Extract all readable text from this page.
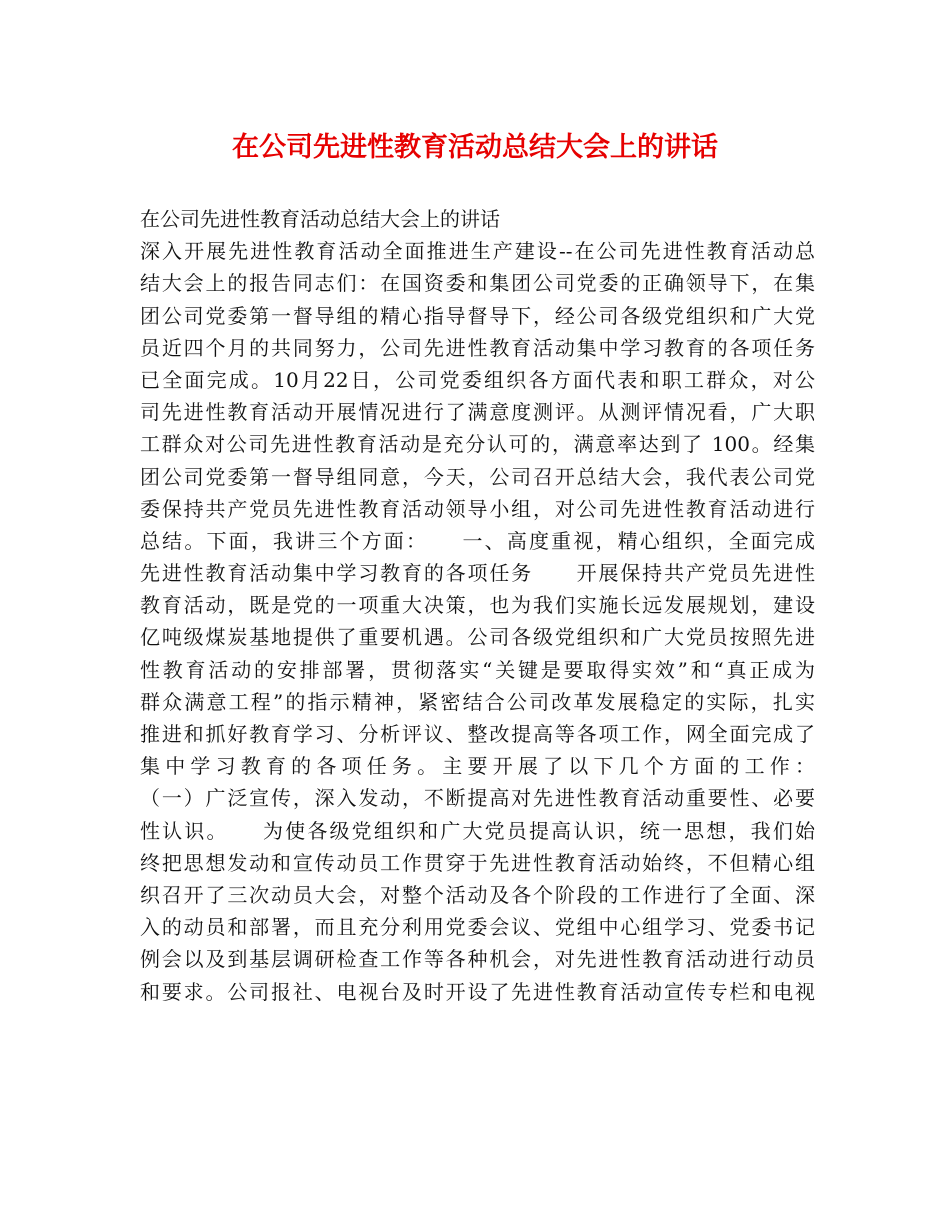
在公司先进性教育活动总结大会上的讲话
在公司先进性教育活动总结大会上的讲话
深入开展先进性教育活动全面推进生产建设--在公司先进性教育活动总
结大会上的报告同志们：在国资委和集团公司党委的正确领导下，在集
团公司党委第一督导组的精心指导督导下，经公司各级党组织和广大党
员近四个月的共同努力，公司先进性教育活动集中学习教育的各项任务
已全面完成。10月22日，公司党委组织各方面代表和职工群众，对公
司先进性教育活动开展情况进行了满意度测评。从测评情况看，广大职
工群众对公司先进性教育活动是充分认可的，满意率达到了 100。经集
团公司党委第一督导组同意，今天，公司召开总结大会，我代表公司党
委保持共产党员先进性教育活动领导小组，对公司先进性教育活动进行
总结。下面，我讲三个方面：　　一、高度重视，精心组织，全面完成
先进性教育活动集中学习教育的各项任务　　开展保持共产党员先进性
教育活动，既是党的一项重大决策，也为我们实施长远发展规划，建设
亿吨级煤炭基地提供了重要机遇。公司各级党组织和广大党员按照先进
性教育活动的安排部署，贯彻落实“关键是要取得实效”和“真正成为
群众满意工程”的指示精神，紧密结合公司改革发展稳定的实际，扎实
推进和抓好教育学习、分析评议、整改提高等各项工作，网全面完成了
集中学习教育的各项任务。主要开展了以下几个方面的工作：
（一）广泛宣传，深入发动，不断提高对先进性教育活动重要性、必要
性认识。　　为使各级党组织和广大党员提高认识，统一思想，我们始
终把思想发动和宣传动员工作贯穿于先进性教育活动始终，不但精心组
织召开了三次动员大会，对整个活动及各个阶段的工作进行了全面、深
入的动员和部署，而且充分利用党委会议、党组中心组学习、党委书记
例会以及到基层调研检查工作等各种机会，对先进性教育活动进行动员
和要求。公司报社、电视台及时开设了先进性教育活动宣传专栏和电视
